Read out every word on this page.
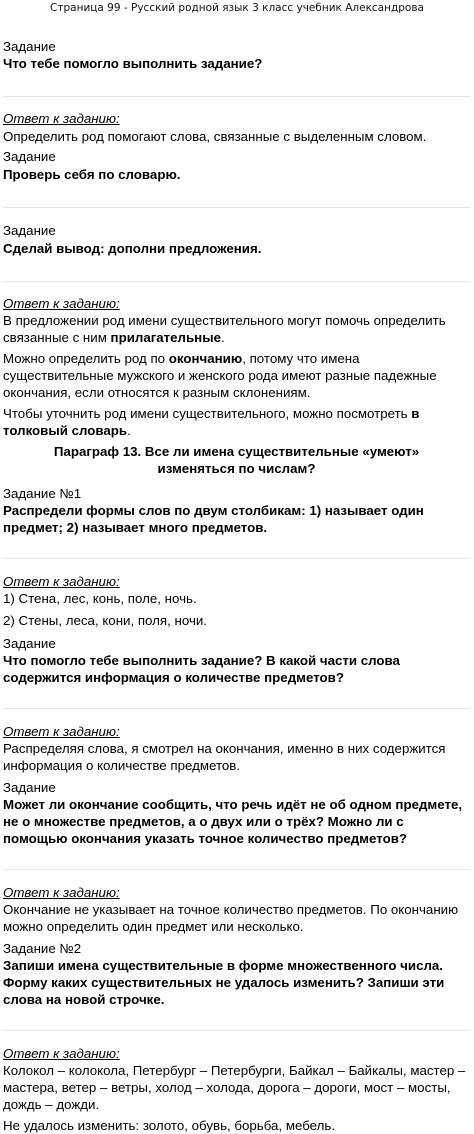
Страница 99 - Русский родной язык 3 класс учебник Александрова

Задание

Что тебе помогло выполнить задание?

Ответ к заданию:

Определить род помогают слова, связанные с выделенным словом.

Задание

Проверь себя по словарю.

Задание

Сделай вывод: дополни предложения.

Ответ к заданию:

В предложении род имени существительного могут помочь определить связанные с ним прилагательные.

Можно определить род по окончанию, потому что имена существительные мужского и женского рода имеют разные падежные окончания, если относятся к разным склонениям.

Чтобы уточнить род имени существительного, можно посмотреть в толковый словарь.

Параграф 13. Все ли имена существительные «умеют» изменяться по числам?

Задание №1

Распредели формы слов по двум столбикам: 1) называет один предмет; 2) называет много предметов.

Ответ к заданию:

1) Стена, лес, конь, поле, ночь.

2) Стены, леса, кони, поля, ночи.

Задание

Что помогло тебе выполнить задание? В какой части слова содержится информация о количестве предметов?

Ответ к заданию:

Распределяя слова, я смотрел на окончания, именно в них содержится информация о количестве предметов.

Задание

Может ли окончание сообщить, что речь идёт не об одном предмете, не о множестве предметов, а о двух или о трёх? Можно ли с помощью окончания указать точное количество предметов?

Ответ к заданию:

Окончание не указывает на точное количество предметов. По окончанию можно определить один предмет или несколько.

Задание №2

Запиши имена существительные в форме множественного числа. Форму каких существительных не удалось изменить? Запиши эти слова на новой строчке.

Ответ к заданию:

Колокол – колокола, Петербург – Петербурги, Байкал – Байкалы, мастер – мастера, ветер – ветры, холод – холода, дорога – дороги, мост – мосты, дождь – дожди.

Не удалось изменить: золото, обувь, борьба, мебель.
